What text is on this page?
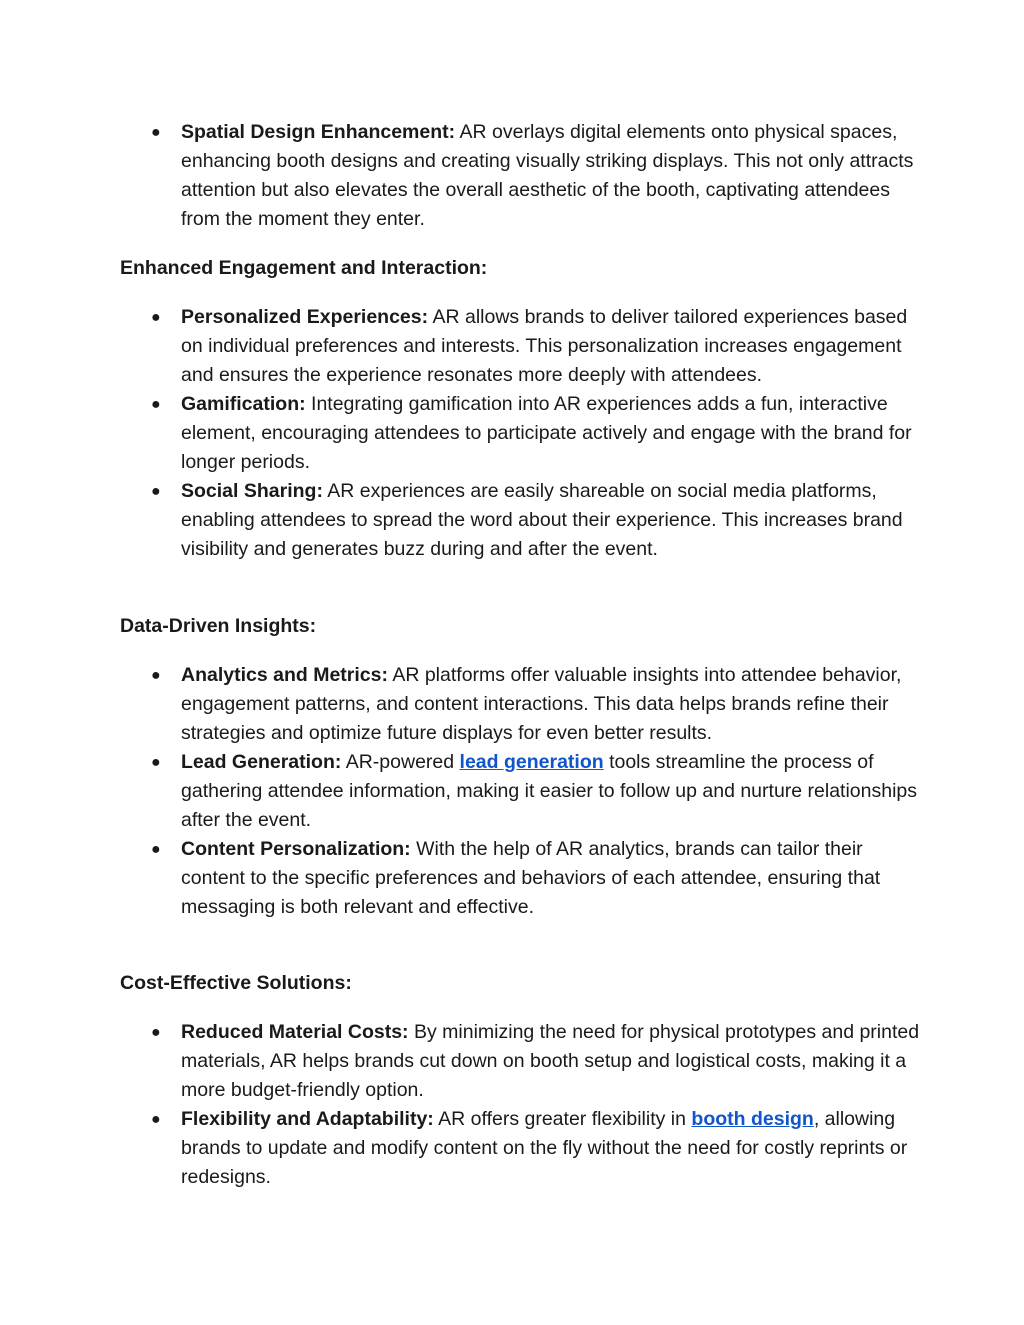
● Spatial Design Enhancement: AR overlays digital elements onto physical spaces, enhancing booth designs and creating visually striking displays. This not only attracts attention but also elevates the overall aesthetic of the booth, captivating attendees from the moment they enter.
Enhanced Engagement and Interaction:
● Personalized Experiences: AR allows brands to deliver tailored experiences based on individual preferences and interests. This personalization increases engagement and ensures the experience resonates more deeply with attendees.
● Gamification: Integrating gamification into AR experiences adds a fun, interactive element, encouraging attendees to participate actively and engage with the brand for longer periods.
● Social Sharing: AR experiences are easily shareable on social media platforms, enabling attendees to spread the word about their experience. This increases brand visibility and generates buzz during and after the event.
Data-Driven Insights:
● Analytics and Metrics: AR platforms offer valuable insights into attendee behavior, engagement patterns, and content interactions. This data helps brands refine their strategies and optimize future displays for even better results.
● Lead Generation: AR-powered lead generation tools streamline the process of gathering attendee information, making it easier to follow up and nurture relationships after the event.
● Content Personalization: With the help of AR analytics, brands can tailor their content to the specific preferences and behaviors of each attendee, ensuring that messaging is both relevant and effective.
Cost-Effective Solutions:
● Reduced Material Costs: By minimizing the need for physical prototypes and printed materials, AR helps brands cut down on booth setup and logistical costs, making it a more budget-friendly option.
● Flexibility and Adaptability: AR offers greater flexibility in booth design, allowing brands to update and modify content on the fly without the need for costly reprints or redesigns.
